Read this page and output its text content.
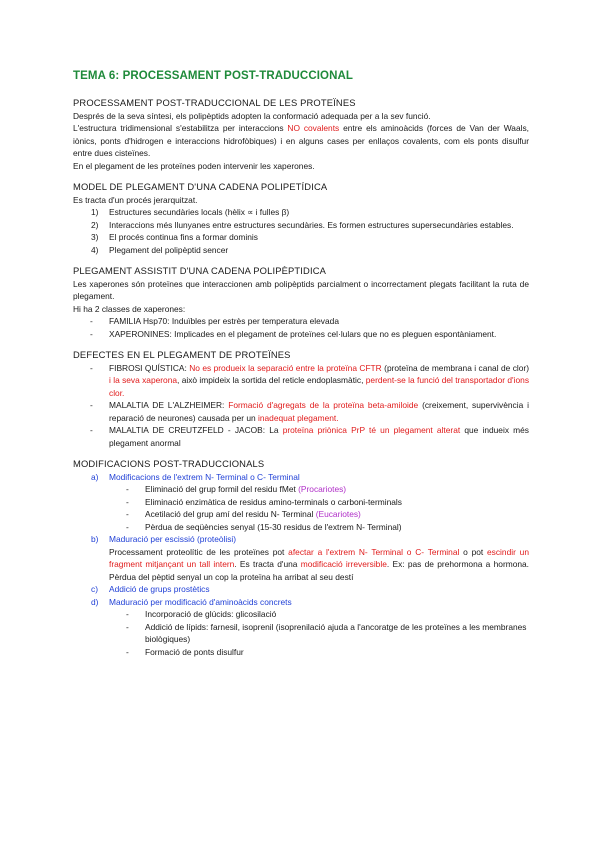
TEMA 6: PROCESSAMENT POST-TRADUCCIONAL
PROCESSAMENT POST-TRADUCCIONAL DE LES PROTEÏNES
Després de la seva síntesi, els polipèptids adopten la conformació adequada per a la sev funció.
L'estructura tridimensional s'estabilitza per interaccions NO covalents entre els aminoàcids (forces de Van der Waals, iònics, ponts d'hidrogen e interaccions hidrofòbiques) i en alguns cases per enllaços covalents, com els ponts disulfur entre dues cisteïnes.
En el plegament de les proteïnes poden intervenir les xaperones.
MODEL DE PLEGAMENT D'UNA CADENA POLIPETÍDICA
Es tracta d'un procés jerarquitzat.
1) Estructures secundàries locals (hèlix ∝ i fulles β)
2) Interaccions més llunyanes entre estructures secundàries. Es formen estructures supersecundàries estables.
3) El procés continua fins a formar dominis
4) Plegament del polipèptid sencer
PLEGAMENT ASSISTIT D'UNA CADENA POLIPÈPTIDICA
Les xaperones són proteïnes que interaccionen amb polipèptids parcialment o incorrectament plegats facilitant la ruta de plegament.
Hi ha 2 classes de xaperones:
- FAMILIA Hsp70: Induïbles per estrès per temperatura elevada
- XAPERONINES: Implicades en el plegament de proteïnes cel·lulars que no es pleguen espontàniament.
DEFECTES EN EL PLEGAMENT DE PROTEÏNES
- FIBROSI QUÍSTICA: No es produeix la separació entre la proteïna CFTR (proteïna de membrana i canal de clor) i la seva xaperona, això impideix la sortida del reticle endoplasmàtic, perdent-se la funció del transportador d'ions clor.
- MALALTIA DE L'ALZHEIMER: Formació d'agregats de la proteïna beta-amiloide (creixement, supervivència i reparació de neurones) causada per un inadequat plegament.
- MALALTIA DE CREUTZFELD - JACOB: La proteïna priònica PrP té un plegament alterat que indueix més plegament anormal
MODIFICACIONS POST-TRADUCCIONALS
a) Modificacions de l'extrem N- Terminal o C- Terminal
- Eliminació del grup formil del residu fMet (Procariotes)
- Eliminació enzimàtica de residus amino-terminals o carboni-terminals
- Acetilació del grup amí del residu N- Terminal (Eucariotes)
- Pèrdua de seqüències senyal (15-30 residus de l'extrem N- Terminal)
b) Maduració per escissió (proteòlisi)
Processament proteolític de les proteïnes pot afectar a l'extrem N- Terminal o C- Terminal o pot escindir un fragment mitjançant un tall intern. Es tracta d'una modificació irreversible. Ex: pas de prehormona a hormona. Pèrdua del pèptid senyal un cop la proteïna ha arribat al seu destí
c) Addició de grups prostètics
d) Maduració per modificació d'aminoàcids concrets
- Incorporació de glúcids: glicosilació
- Addició de lípids: farnesil, isoprenil (isoprenilació ajuda a l'ancoratge de les proteïnes a les membranes biològiques)
- Formació de ponts disulfur
